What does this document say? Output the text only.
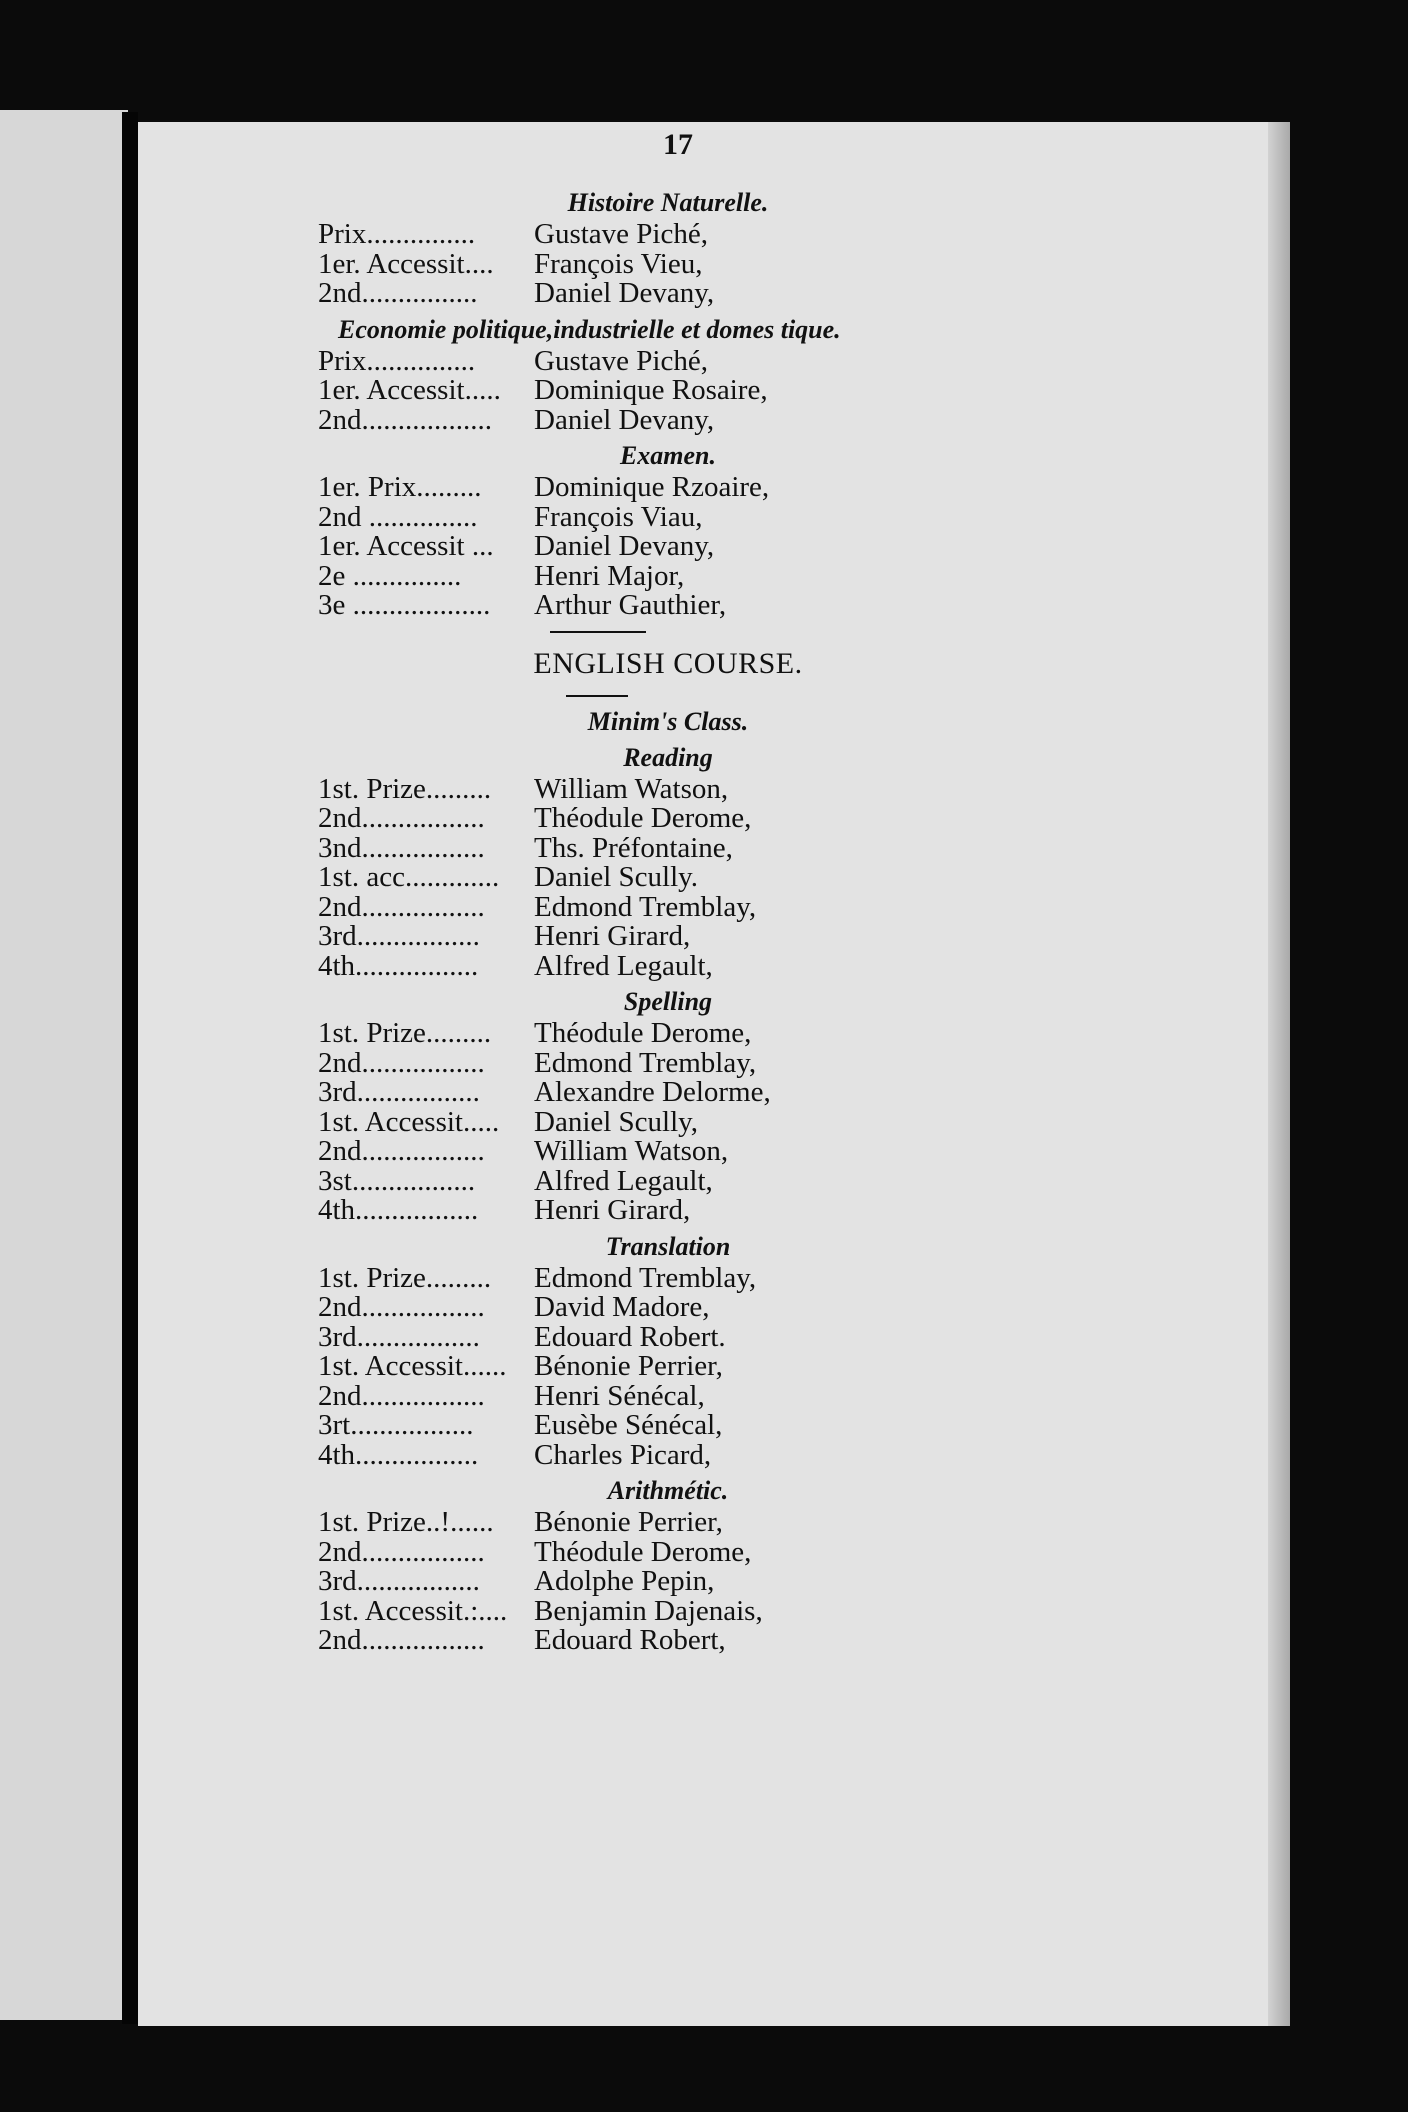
17
Histoire Naturelle.
Prix...............	Gustave Piché,
1er. Accessit....	François Vieu,
2nd................	Daniel Devany,
Economie politique,industrielle et domes tique.
Prix...............	Gustave Piché,
1er. Accessit.....	Dominique Rosaire,
2nd..................	Daniel Devany,
Examen.
1er. Prix.........	Dominique Rzoaire,
2nd ...............	François Viau,
1er. Accessit ...	Daniel Devany,
2e ...............	Henri Major,
3e ...................	Arthur Gauthier,
ENGLISH COURSE.
Minim's Class.
Reading
1st. Prize.........	William Watson,
2nd.................	Théodule Derome,
3nd.................	Ths. Préfontaine,
1st. acc.............	Daniel Scully.
2nd.................	Edmond Tremblay,
3rd.................	Henri Girard,
4th.................	Alfred Legault,
Spelling
1st. Prize.........	Théodule Derome,
2nd.................	Edmond Tremblay,
3rd.................	Alexandre Delorme,
1st. Accessit.....	Daniel Scully,
2nd.................	William Watson,
3st.................	Alfred Legault,
4th.................	Henri Girard,
Translation
1st. Prize.........	Edmond Tremblay,
2nd.................	David Madore,
3rd.................	Edouard Robert.
1st. Accessit...... Bénonie Perrier,
2nd.................	Henri Sénécal,
3rt.................	Eusèbe Sénécal,
4th.................	Charles Picard,
Arithmétic.
1st. Prize..!......	Bénonie Perrier,
2nd.................	Théodule Derome,
3rd.................	Adolphe Pepin,
1st. Accessit.:.... Benjamin Dajenais,
2nd.................	Edouard Robert,
